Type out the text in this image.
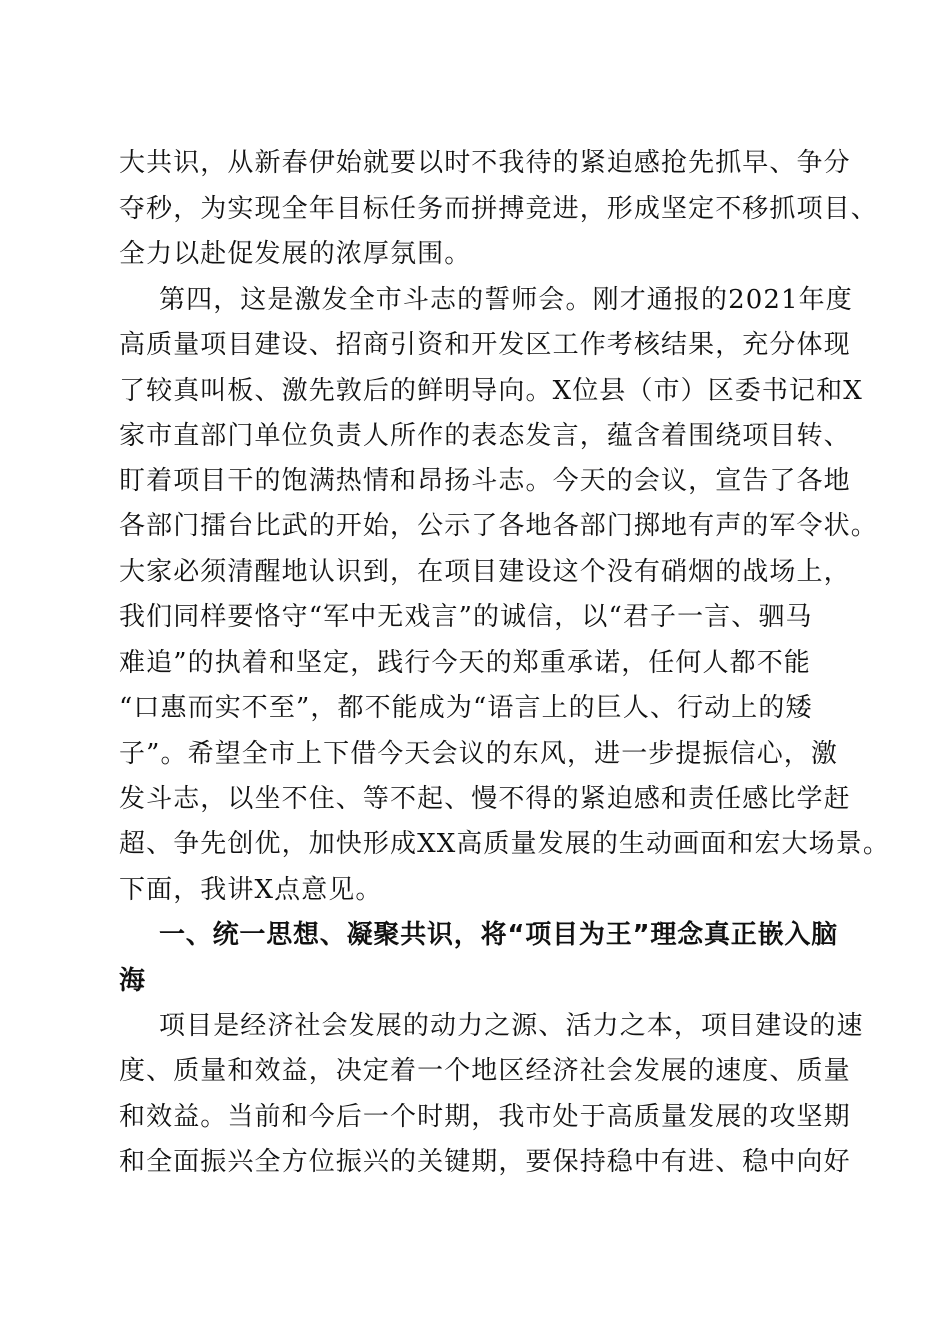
大共识，从新春伊始就要以时不我待的紧迫感抢先抓早、争分
夺秒，为实现全年目标任务而拼搏竞进，形成坚定不移抓项目、
全力以赴促发展的浓厚氛围。
第四，这是激发全市斗志的誓师会。刚才通报的2021年度
高质量项目建设、招商引资和开发区工作考核结果，充分体现
了较真叫板、激先敦后的鲜明导向。X位县（市）区委书记和X
家市直部门单位负责人所作的表态发言，蕴含着围绕项目转、
盯着项目干的饱满热情和昂扬斗志。今天的会议，宣告了各地
各部门擂台比武的开始，公示了各地各部门掷地有声的军令状。
大家必须清醒地认识到，在项目建设这个没有硝烟的战场上，
我们同样要恪守“军中无戏言”的诚信，以“君子一言、驷马
难追”的执着和坚定，践行今天的郑重承诺，任何人都不能
“口惠而实不至”，都不能成为“语言上的巨人、行动上的矮
子”。希望全市上下借今天会议的东风，进一步提振信心，激
发斗志，以坐不住、等不起、慢不得的紧迫感和责任感比学赶
超、争先创优，加快形成XX高质量发展的生动画面和宏大场景。
下面，我讲X点意见。
一、统一思想、凝聚共识，将“项目为王”理念真正嵌入脑
海
项目是经济社会发展的动力之源、活力之本，项目建设的速
度、质量和效益，决定着一个地区经济社会发展的速度、质量
和效益。当前和今后一个时期，我市处于高质量发展的攻坚期
和全面振兴全方位振兴的关键期，要保持稳中有进、稳中向好
